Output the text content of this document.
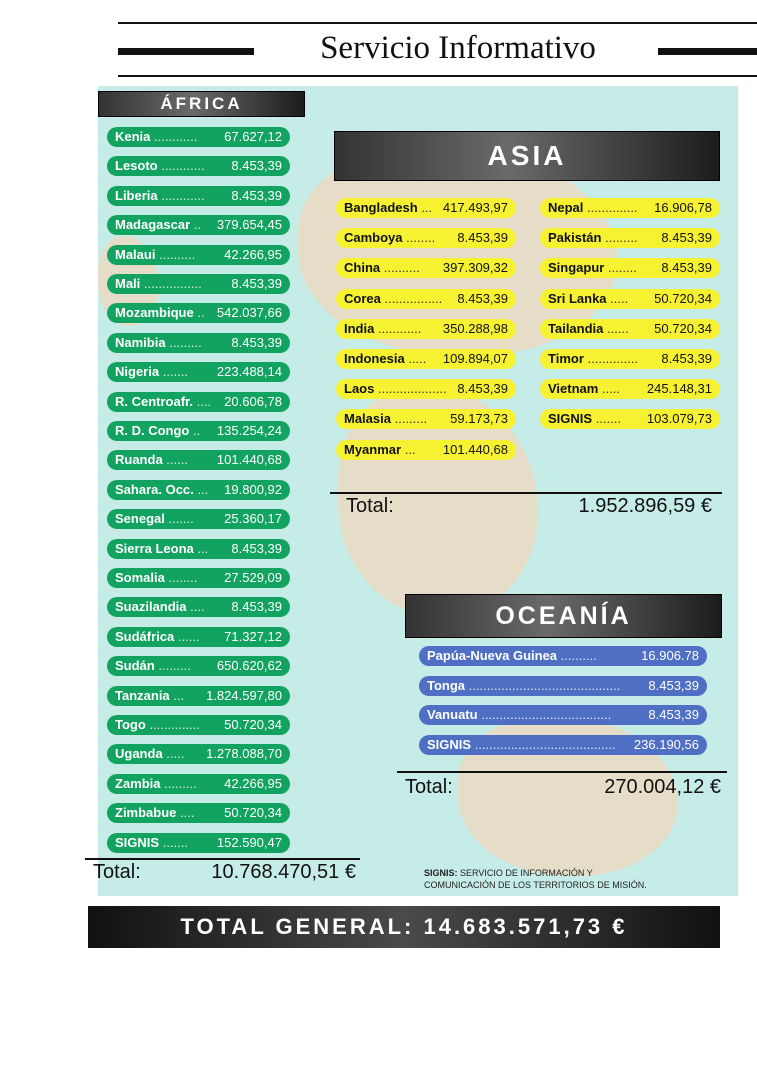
Servicio Informativo
ÁFRICA
Kenia ............ 67.627,12
Lesoto ............ 8.453,39
Liberia ............ 8.453,39
Madagascar .. 379.654,45
Malaui .......... 42.266,95
Mali ................ 8.453,39
Mozambique .. 542.037,66
Namibia ......... 8.453,39
Nigeria ....... 223.488,14
R. Centroafr. .... 20.606,78
R. D. Congo .. 135.254,24
Ruanda ...... 101.440,68
Sahara. Occ. ... 19.800,92
Senegal ....... 25.360,17
Sierra Leona ... 8.453,39
Somalia ........ 27.529,09
Suazilandia .... 8.453,39
Sudáfrica ...... 71.327,12
Sudán ......... 650.620,62
Tanzania ... 1.824.597,80
Togo .............. 50.720,34
Uganda ..... 1.278.088,70
Zambia ......... 42.266,95
Zimbabue .... 50.720,34
SIGNIS ....... 152.590,47
Total:	10.768.470,51 €
ASIA
Bangladesh ... 417.493,97
Camboya ........ 8.453,39
China .......... 397.309,32
Corea ................ 8.453,39
India ............ 350.288,98
Indonesia ..... 109.894,07
Laos ................... 8.453,39
Malasia ......... 59.173,73
Myanmar ... 101.440,68
Nepal .............. 16.906,78
Pakistán ......... 8.453,39
Singapur ........ 8.453,39
Sri Lanka ..... 50.720,34
Tailandia ...... 50.720,34
Timor .............. 8.453,39
Vietnam ..... 245.148,31
SIGNIS ....... 103.079,73
Total:	1.952.896,59 €
OCEANÍA
Papúa-Nueva Guinea ..........	16.906.78
Tonga .......................................... 8.453,39
Vanuatu ....................................	8.453,39
SIGNIS ....................................... 236.190,56
Total:	270.004,12 €
SIGNIS: SERVICIO DE INFORMACIÓN Y
COMUNICACIÓN DE LOS TERRITORIOS DE MISIÓN.
TOTAL GENERAL: 14.683.571,73 €
